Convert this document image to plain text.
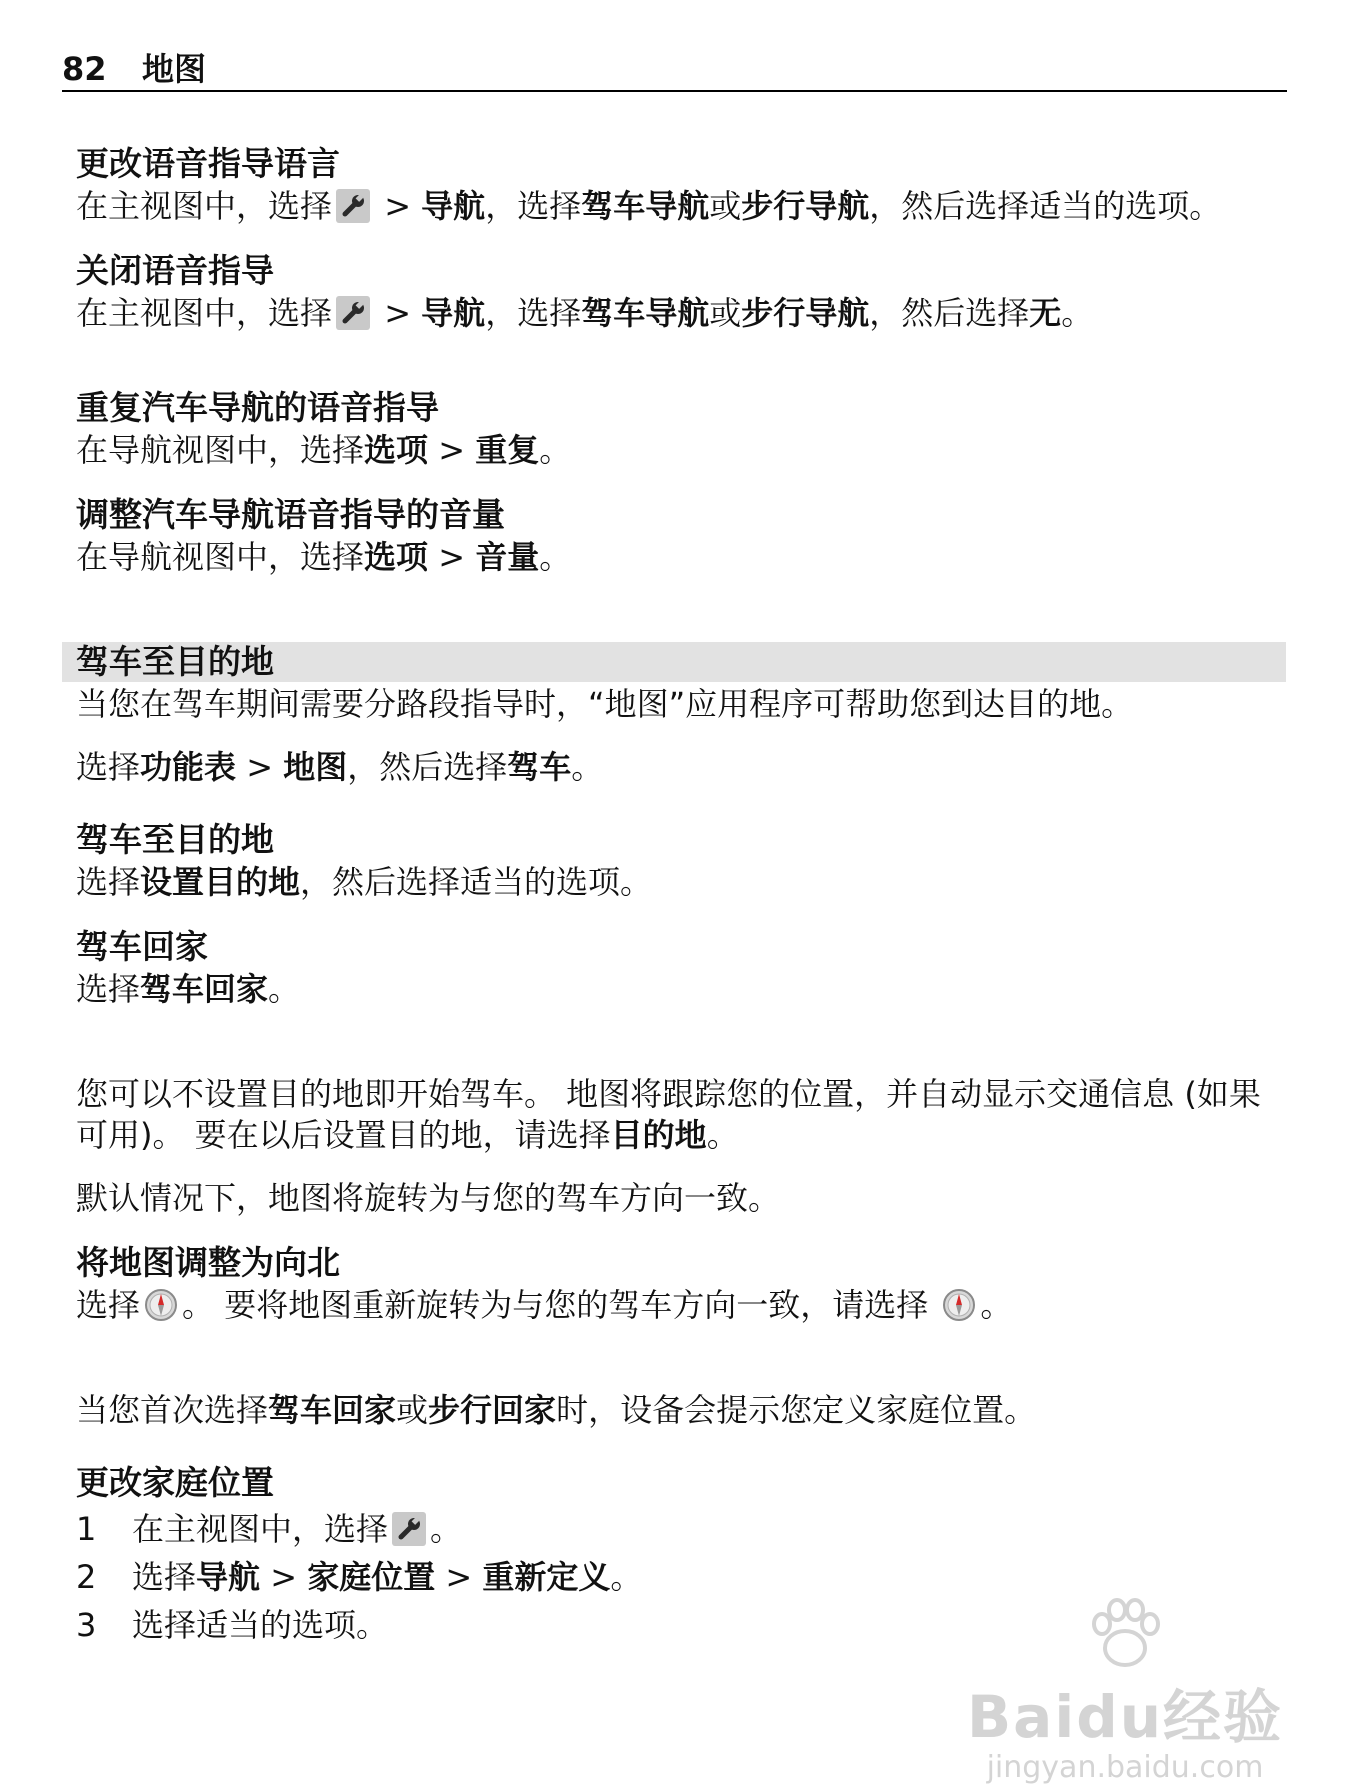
82 地图

更改语音指导语言

在主视图中，选择 > 导航，选择驾车导航或步行导航，然后选择适当的选项。

关闭语音指导

在主视图中，选择 > 导航，选择驾车导航或步行导航，然后选择无。

重复汽车导航的语音指导

在导航视图中，选择选项 > 重复。

调整汽车导航语音指导的音量

在导航视图中，选择选项 > 音量。

驾车至目的地

当您在驾车期间需要分路段指导时，“地图”应用程序可帮助您到达目的地。

选择功能表 > 地图，然后选择驾车。

驾车至目的地

选择设置目的地，然后选择适当的选项。

驾车回家

选择驾车回家。

您可以不设置目的地即开始驾车。 地图将跟踪您的位置，并自动显示交通信息 (如果可用)。 要在以后设置目的地，请选择目的地。

默认情况下，地图将旋转为与您的驾车方向一致。

将地图调整为向北

选择 。 要将地图重新旋转为与您的驾车方向一致，请选择 。

当您首次选择驾车回家或步行回家时，设备会提示您定义家庭位置。

更改家庭位置

1 在主视图中，选择 。
2 选择导航 > 家庭位置 > 重新定义。
3 选择适当的选项。
Baidu经验
jingyan.baidu.com
